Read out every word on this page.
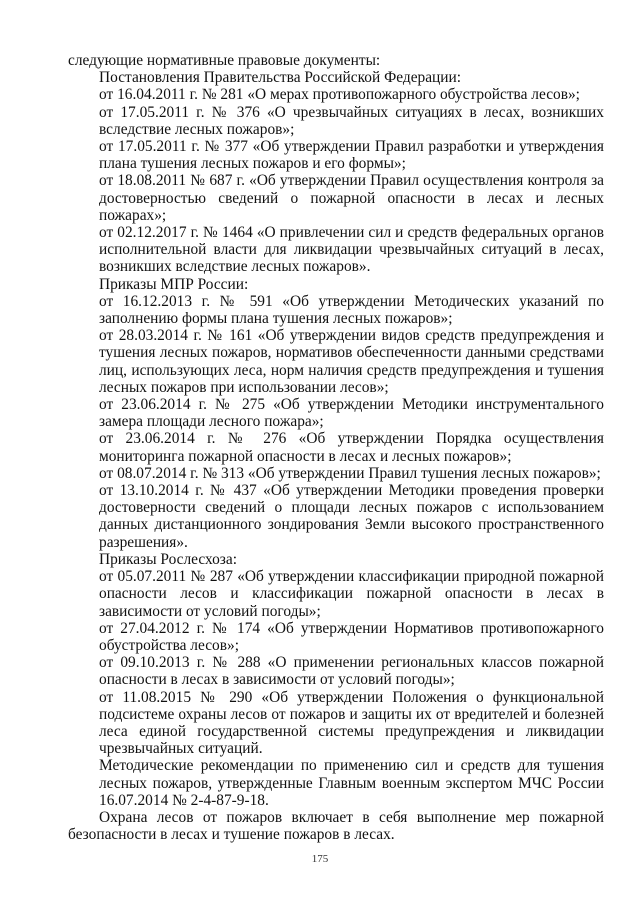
следующие нормативные правовые документы:

Постановления Правительства Российской Федерации:

от 16.04.2011 г. № 281 «О мерах противопожарного обустройства лесов»;

от 17.05.2011 г. № 376 «О чрезвычайных ситуациях в лесах, возникших вследствие лесных пожаров»;

от 17.05.2011 г. № 377 «Об утверждении Правил разработки и утверждения плана тушения лесных пожаров и его формы»;

от 18.08.2011 № 687 г. «Об утверждении Правил осуществления контроля за достоверностью сведений о пожарной опасности в лесах и лесных пожарах»;

от 02.12.2017 г. № 1464 «О привлечении сил и средств федеральных органов исполнительной власти для ликвидации чрезвычайных ситуаций в лесах, возникших вследствие лесных пожаров».

Приказы МПР России:

от 16.12.2013 г. № 591 «Об утверждении Методических указаний по заполнению формы плана тушения лесных пожаров»;

от 28.03.2014 г. № 161 «Об утверждении видов средств предупреждения и тушения лесных пожаров, нормативов обеспеченности данными средствами лиц, использующих леса, норм наличия средств предупреждения и тушения лесных пожаров при использовании лесов»;

от 23.06.2014 г. № 275 «Об утверждении Методики инструментального замера площади лесного пожара»;

от 23.06.2014 г. № 276 «Об утверждении Порядка осуществления мониторинга пожарной опасности в лесах и лесных пожаров»;

от 08.07.2014 г. № 313 «Об утверждении Правил тушения лесных пожаров»;

от 13.10.2014 г. № 437 «Об утверждении Методики проведения проверки достоверности сведений о площади лесных пожаров с использованием данных дистанционного зондирования Земли высокого пространственного разрешения».

Приказы Рослесхоза:

от 05.07.2011 № 287 «Об утверждении классификации природной пожарной опасности лесов и классификации пожарной опасности в лесах в зависимости от условий погоды»;

от 27.04.2012 г. № 174 «Об утверждении Нормативов противопожарного обустройства лесов»;

от 09.10.2013 г. № 288 «О применении региональных классов пожарной опасности в лесах в зависимости от условий погоды»;

от 11.08.2015 № 290 «Об утверждении Положения о функциональной подсистеме охраны лесов от пожаров и защиты их от вредителей и болезней леса единой государственной системы предупреждения и ликвидации чрезвычайных ситуаций.

Методические рекомендации по применению сил и средств для тушения лесных пожаров, утвержденные Главным военным экспертом МЧС России 16.07.2014 № 2-4-87-9-18.

Охрана лесов от пожаров включает в себя выполнение мер пожарной безопасности в лесах и тушение пожаров в лесах.

175
